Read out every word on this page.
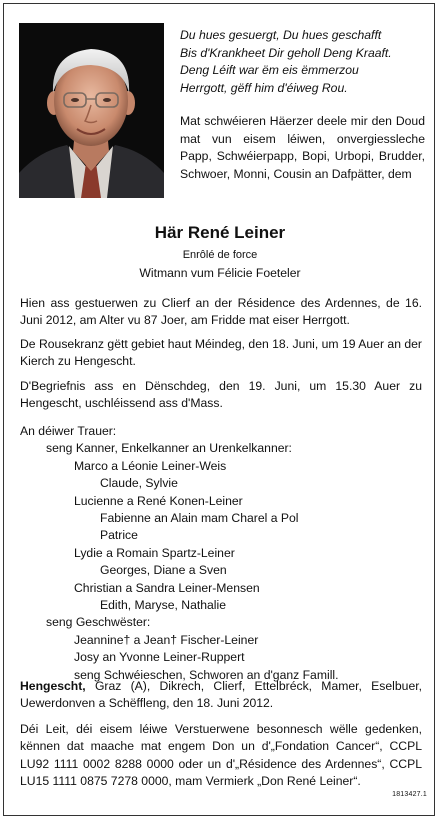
Du hues gesuergt, Du hues geschafft
Bis d'Krankheet Dir geholl Deng Kraaft.
Deng Léift war ëm eis ëmmerzou
Herrgott, gëff him d'éiweg Rou.
Mat schwéieren Häerzer deele mir den Doud mat vun eisem léiwen, onvergiessleche Papp, Schwéierpapp, Bopi, Urbopi, Brudder, Schwoer, Monni, Cousin an Dafpätter, dem
Här René Leiner
Enrôlé de force
Witmann vum Félicie Foeteler
Hien ass gestuerwen zu Clierf an der Résidence des Ardennes, de 16. Juni 2012, am Alter vu 87 Joer, am Fridde mat eiser Herrgott.
De Rousekranz gëtt gebiet haut Méindeg, den 18. Juni, um 19 Auer an der Kierch zu Hengescht.
D'Begriefnis ass en Dënschdeg, den 19. Juni, um 15.30 Auer zu Hengescht, uschléissend ass d'Mass.
An déiwer Trauer:
seng Kanner, Enkelkanner an Urenkelkanner:
Marco a Léonie Leiner-Weis
Claude, Sylvie
Lucienne a René Konen-Leiner
Fabienne an Alain mam Charel a Pol
Patrice
Lydie a Romain Spartz-Leiner
Georges, Diane a Sven
Christian a Sandra Leiner-Mensen
Edith, Maryse, Nathalie
seng Geschwëster:
Jeannine† a Jean† Fischer-Leiner
Josy an Yvonne Leiner-Ruppert
seng Schwéieschen, Schworen an d'ganz Famill.
Hengescht, Graz (A), Dikrech, Clierf, Ettelbréck, Mamer, Eselbuer, Uewerdonven a Schëffleng, den 18. Juni 2012.
Déi Leit, déi eisem léiwe Verstuerwene besonnesch wëlle gedenken, kënnen dat maache mat engem Don un d'„Fondation Cancer“, CCPL LU92 1111 0002 8288 0000 oder un d'„Résidence des Ardennes“, CCPL LU15 1111 0875 7278 0000, mam Vermierk „Don René Leiner“.
1813427.1
